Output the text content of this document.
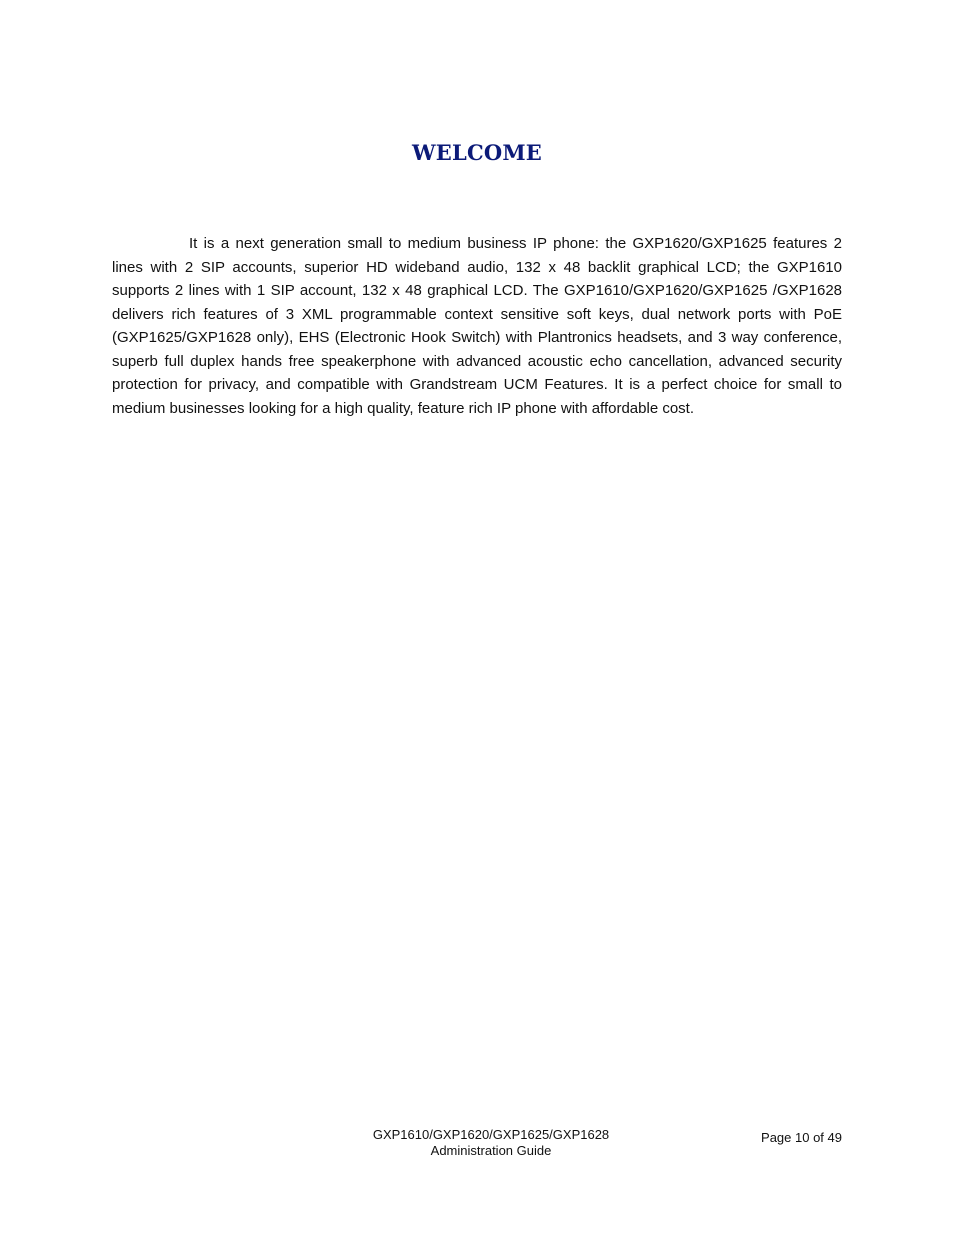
WELCOME

It is a next generation small to medium business IP phone: the GXP1620/GXP1625 features 2 lines with 2 SIP accounts, superior HD wideband audio, 132 x 48 backlit graphical LCD; the GXP1610 supports 2 lines with 1 SIP account, 132 x 48 graphical LCD. The GXP1610/GXP1620/GXP1625 /GXP1628 delivers rich features of 3 XML programmable context sensitive soft keys, dual network ports with PoE (GXP1625/GXP1628 only), EHS (Electronic Hook Switch) with Plantronics headsets, and 3 way conference, superb full duplex hands free speakerphone with advanced acoustic echo cancellation, advanced security protection for privacy, and compatible with Grandstream UCM Features. It is a perfect choice for small to medium businesses looking for a high quality, feature rich IP phone with affordable cost.

GXP1610/GXP1620/GXP1625/GXP1628
Administration Guide
Page 10 of 49
